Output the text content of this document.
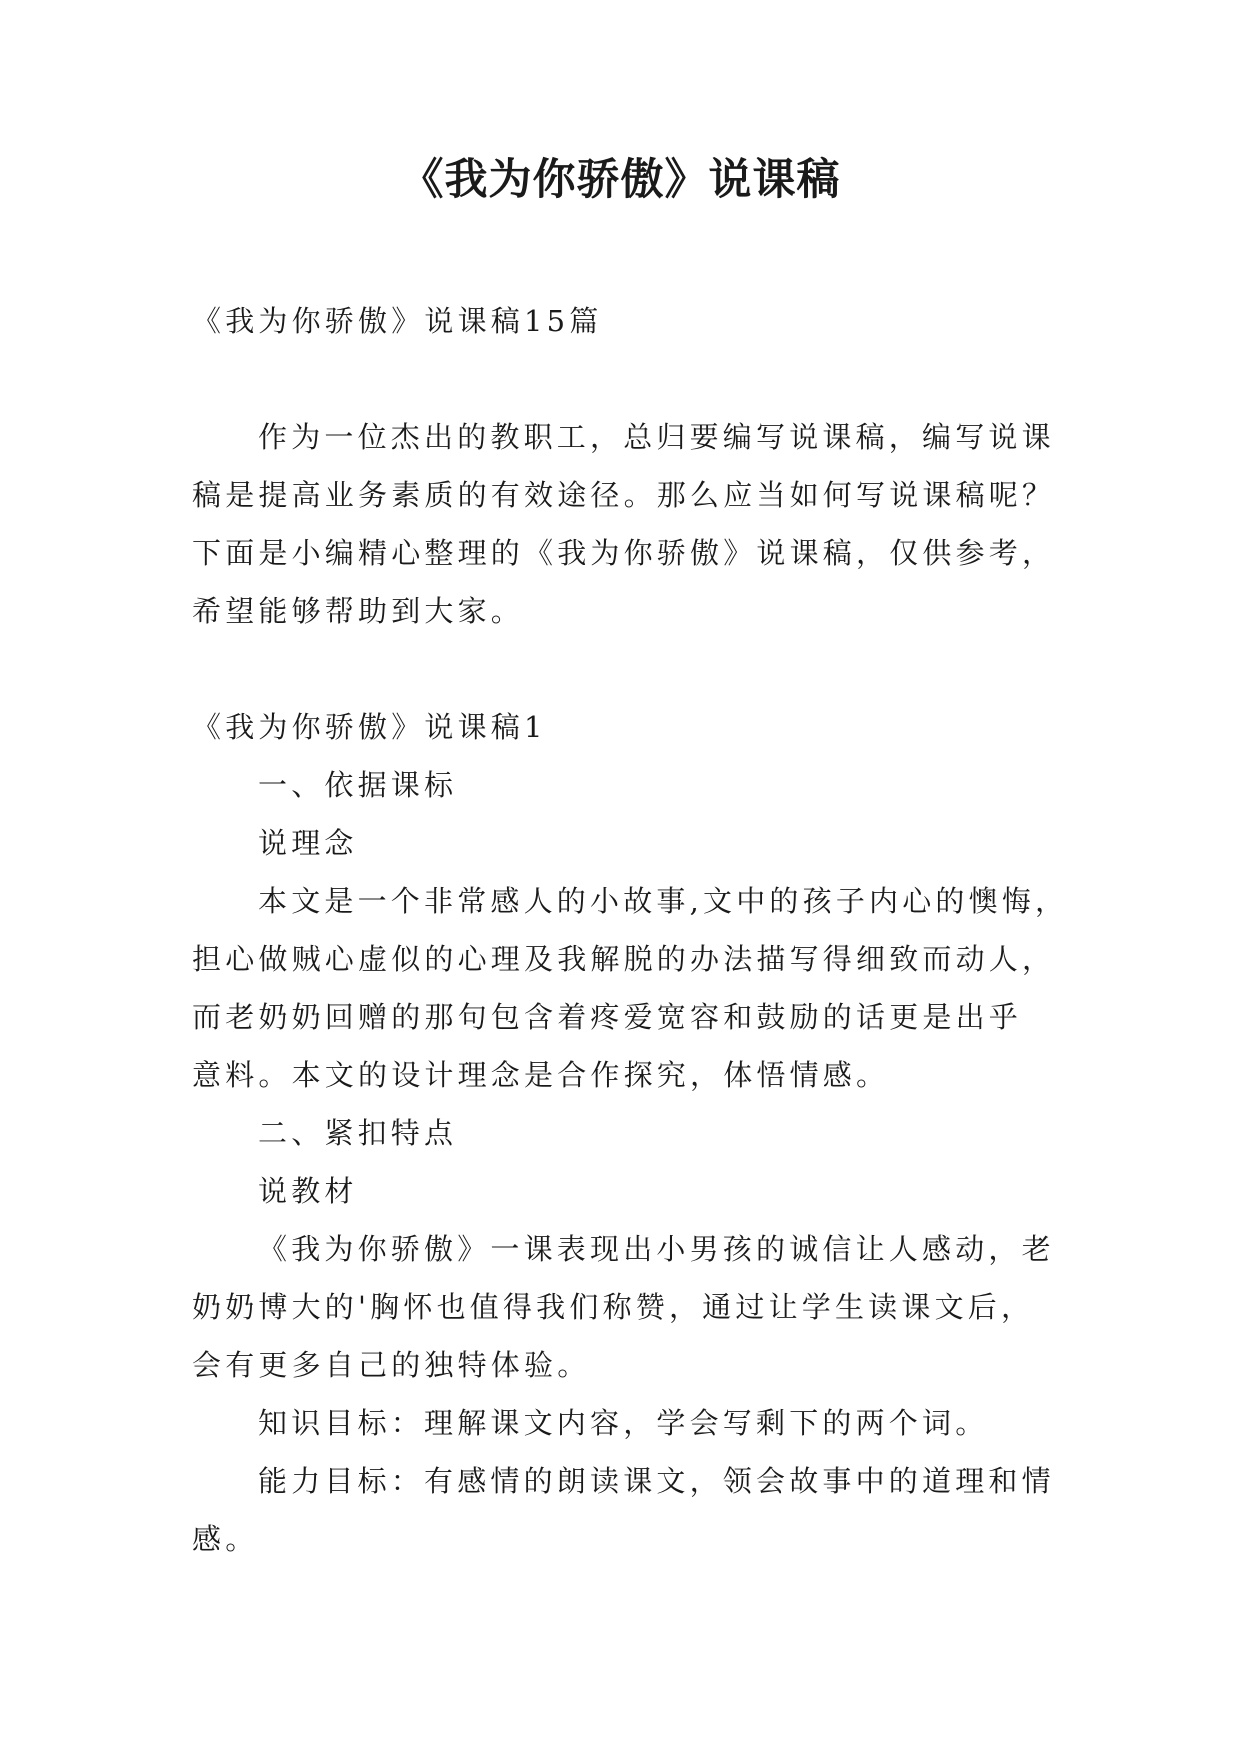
《我为你骄傲》说课稿

《我为你骄傲》说课稿15篇

作为一位杰出的教职工，总归要编写说课稿，编写说课

稿是提高业务素质的有效途径。那么应当如何写说课稿呢？

下面是小编精心整理的《我为你骄傲》说课稿，仅供参考，

希望能够帮助到大家。

《我为你骄傲》说课稿1

一、依据课标

说理念

本文是一个非常感人的小故事,文中的孩子内心的懊悔，

担心做贼心虚似的心理及我解脱的办法描写得细致而动人，

而老奶奶回赠的那句包含着疼爱宽容和鼓励的话更是出乎

意料。本文的设计理念是合作探究，体悟情感。

二、紧扣特点

说教材

《我为你骄傲》一课表现出小男孩的诚信让人感动，老

奶奶博大的'胸怀也值得我们称赞，通过让学生读课文后，

会有更多自己的独特体验。

知识目标：理解课文内容，学会写剩下的两个词。

能力目标：有感情的朗读课文，领会故事中的道理和情

感。
